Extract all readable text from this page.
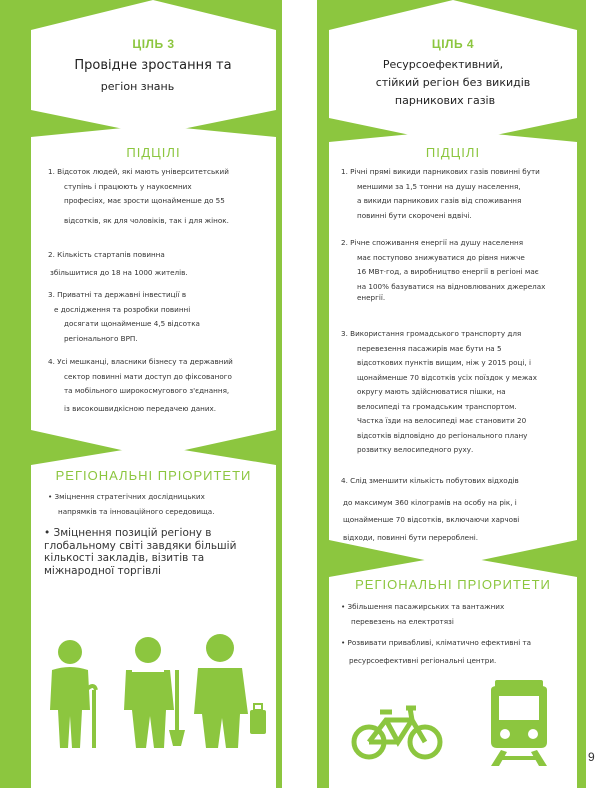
ЦІЛЬ 3
Провідне зростання та
регіон знань
ПІДЦІЛІ
1. Відсоток людей, які мають університетський
ступінь і працюють у наукоємних
професіях, має зрости щонайменше до 55
відсотків, як для чоловіків, так і для жінок.
2. Кількість стартапів повинна
збільшитися до 18 на 1000 жителів.
3. Приватні та державні інвестиції в
е дослідження та розробки повинні
досягати щонайменше 4,5 відсотка
регіонального ВРП.
4. Усі мешканці, власники бізнесу та державний
сектор повинні мати доступ до фіксованого
та мобільного широкосмугового з'єднання,
із високошвидкісною передачею даних.
РЕГІОНАЛЬНІ ПРІОРИТЕТИ
• Зміцнення стратегічних дослідницьких
напрямків та інноваційного середовища.
• Зміцнення позицій регіону в
глобальному світі завдяки більшій
кількості закладів, візитів та
міжнародної торгівлі
ЦІЛЬ 4
Ресурсоефективний,
стійкий регіон без викидів
парникових газів
ПІДЦІЛІ
1. Річні прямі викиди парникових газів повинні бути
меншими за 1,5 тонни на душу населення,
а викиди парникових газів від споживання
повинні бути скорочені вдвічі.
2. Річне споживання енергії на душу населення
має поступово знижуватися до рівня нижче
16 МВт·год, а виробництво енергії в регіоні має
на 100% базуватися на відновлюваних джерелах
енергії.
3. Використання громадського транспорту для
перевезення пасажирів має бути на 5
відсоткових пунктів вищим, ніж у 2015 році, і
щонайменше 70 відсотків усіх поїздок у межах
округу мають здійснюватися пішки, на
велосипеді та громадським транспортом.
Частка їзди на велосипеді має становити 20
відсотків відповідно до регіонального плану
розвитку велосипедного руху.
4. Слід зменшити кількість побутових відходів
до максимум 360 кілограмів на особу на рік, і
щонайменше 70 відсотків, включаючи харчові
відходи, повинні бути перероблені.
РЕГІОНАЛЬНІ ПРІОРИТЕТИ
• Збільшення пасажирських та вантажних
перевезень на електротязі
• Розвивати привабливі, кліматично ефективні та
ресурсоефективні регіональні центри.
9
